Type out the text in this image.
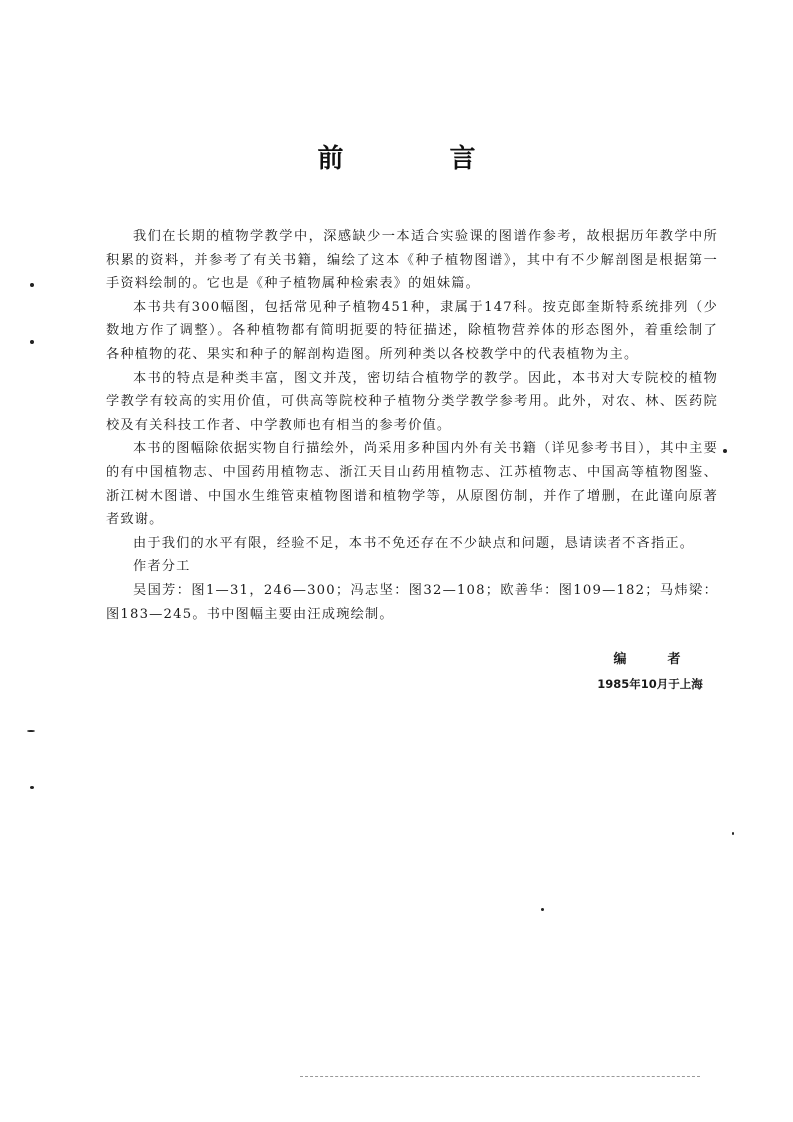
前　言

我们在长期的植物学教学中，深感缺少一本适合实验课的图谱作参考，故根据历年教学中所积累的资料，并参考了有关书籍，编绘了这本《种子植物图谱》，其中有不少解剖图是根据第一手资料绘制的。它也是《种子植物属种检索表》的姐妹篇。

本书共有300幅图，包括常见种子植物451种，隶属于147科。按克郎奎斯特系统排列（少数地方作了调整）。各种植物都有简明扼要的特征描述，除植物营养体的形态图外，着重绘制了各种植物的花、果实和种子的解剖构造图。所列种类以各校教学中的代表植物为主。

本书的特点是种类丰富，图文并茂，密切结合植物学的教学。因此，本书对大专院校的植物学教学有较高的实用价值，可供高等院校种子植物分类学教学参考用。此外，对农、林、医药院校及有关科技工作者、中学教师也有相当的参考价值。

本书的图幅除依据实物自行描绘外，尚采用多种国内外有关书籍（详见参考书目），其中主要的有中国植物志、中国药用植物志、浙江天目山药用植物志、江苏植物志、中国高等植物图鉴、浙江树木图谱、中国水生维管束植物图谱和植物学等，从原图仿制，并作了增删，在此谨向原著者致谢。

由于我们的水平有限，经验不足，本书不免还存在不少缺点和问题，恳请读者不吝指正。

作者分工

吴国芳：图1—31，246—300；冯志坚：图32—108；欧善华：图109—182；马炜梁：图183—245。书中图幅主要由汪成琬绘制。

编　者
1985年10月于上海
